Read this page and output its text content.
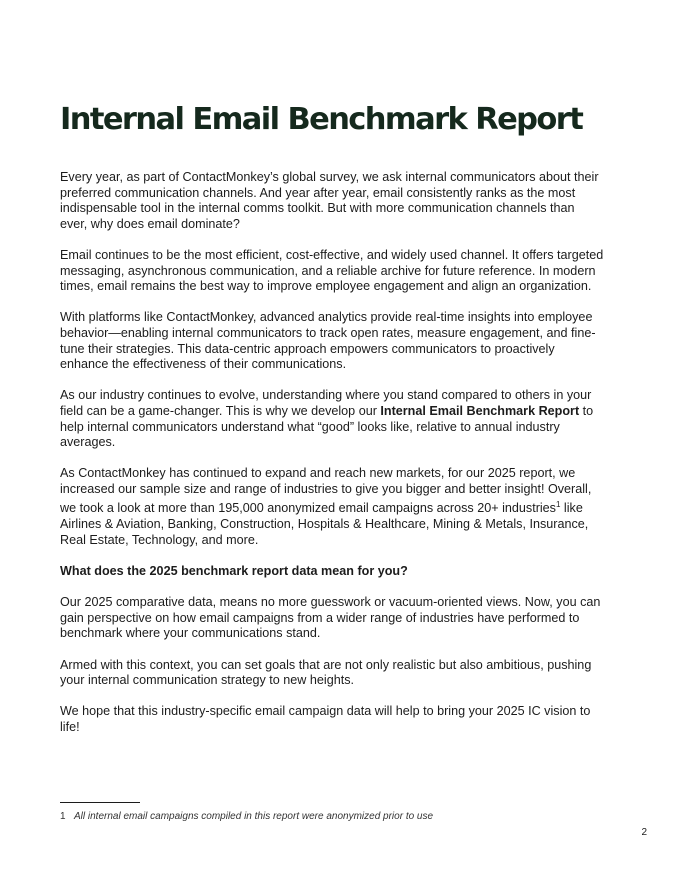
Internal Email Benchmark Report

Every year, as part of ContactMonkey’s global survey, we ask internal communicators about their preferred communication channels. And year after year, email consistently ranks as the most indispensable tool in the internal comms toolkit. But with more communication channels than ever, why does email dominate?

Email continues to be the most efficient, cost-effective, and widely used channel. It offers targeted messaging, asynchronous communication, and a reliable archive for future reference. In modern times, email remains the best way to improve employee engagement and align an organization.

With platforms like ContactMonkey, advanced analytics provide real-time insights into employee behavior—enabling internal communicators to track open rates, measure engagement, and fine-tune their strategies. This data-centric approach empowers communicators to proactively enhance the effectiveness of their communications.

As our industry continues to evolve, understanding where you stand compared to others in your field can be a game-changer. This is why we develop our Internal Email Benchmark Report to help internal communicators understand what “good” looks like, relative to annual industry averages.

As ContactMonkey has continued to expand and reach new markets, for our 2025 report, we increased our sample size and range of industries to give you bigger and better insight! Overall, we took a look at more than 195,000 anonymized email campaigns across 20+ industries$^1$ like Airlines & Aviation, Banking, Construction, Hospitals & Healthcare, Mining & Metals, Insurance, Real Estate, Technology, and more.

What does the 2025 benchmark report data mean for you?

Our 2025 comparative data, means no more guesswork or vacuum-oriented views. Now, you can gain perspective on how email campaigns from a wider range of industries have performed to benchmark where your communications stand.

Armed with this context, you can set goals that are not only realistic but also ambitious, pushing your internal communication strategy to new heights.

We hope that this industry-specific email campaign data will help to bring your 2025 IC vision to life!

1 All internal email campaigns compiled in this report were anonymized prior to use
2
